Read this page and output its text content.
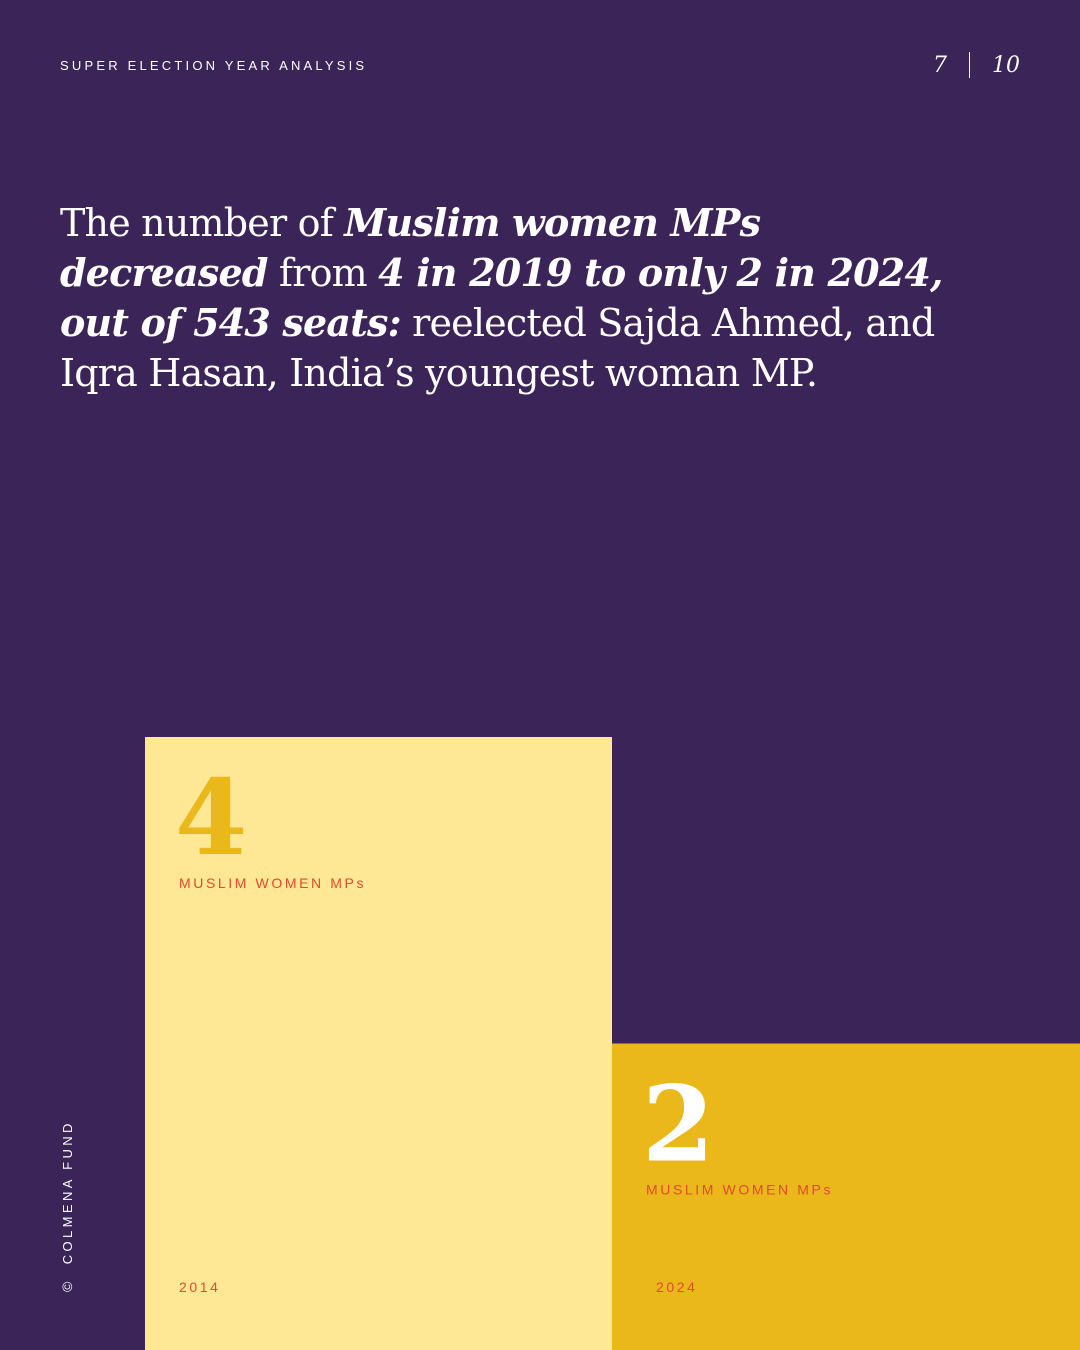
SUPER ELECTION YEAR ANALYSIS	7 10

The number of Muslim women MPs decreased from 4 in 2019 to only 2 in 2024, out of 543 seats: reelected Sajda Ahmed, and Iqra Hasan, India’s youngest woman MP.

4
MUSLIM WOMEN MPs
2014
2
MUSLIM WOMEN MPs
2024
©
COLMENA FUND
